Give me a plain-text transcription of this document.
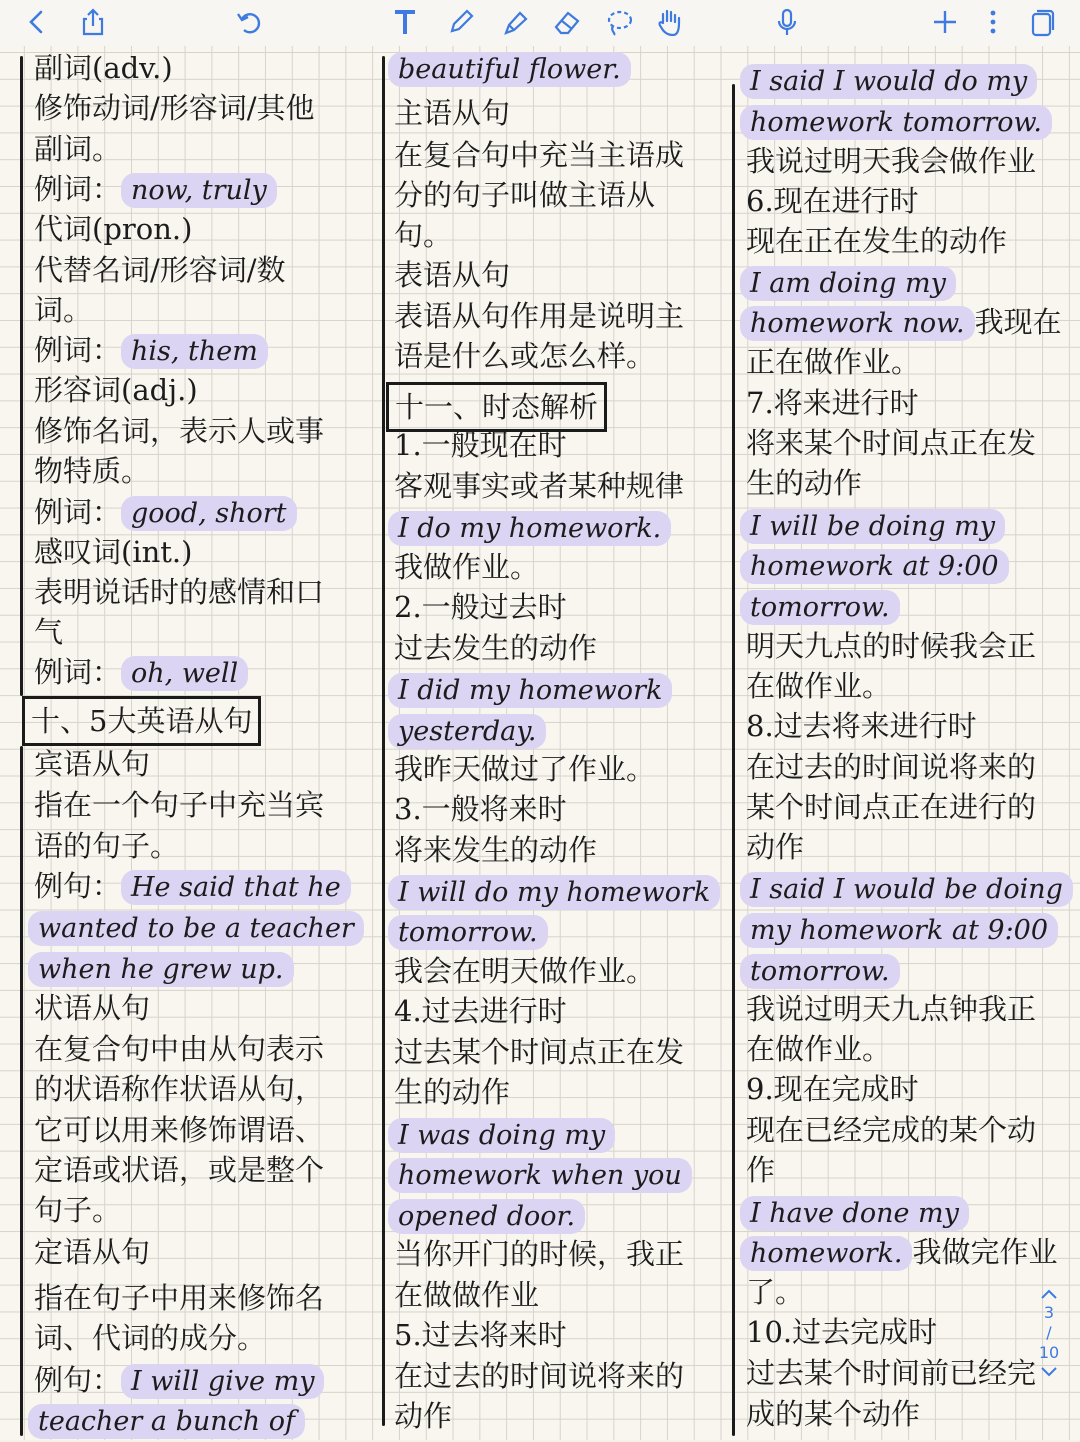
副词(adv.)
修饰动词/形容词/其他
副词。
例词： now, truly
代词(pron.)
代替名词/形容词/数
词。
例词： his, them
形容词(adj.)
修饰名词，表示人或事
物特质。
例词： good, short
感叹词(int.)
表明说话时的感情和口
气
例词： oh, well
十、5大英语从句
宾语从句
指在一个句子中充当宾
语的句子。
例句： He said that he
wanted to be a teacher
when he grew up.
状语从句
在复合句中由从句表示
的状语称作状语从句，
它可以用来修饰谓语、
定语或状语，或是整个
句子。
定语从句
指在句子中用来修饰名
词、代词的成分。
例句： I will give my
teacher a bunch of
beautiful flower.
主语从句
在复合句中充当主语成
分的句子叫做主语从
句。
表语从句
表语从句作用是说明主
语是什么或怎么样。
十一、时态解析
1.一般现在时
客观事实或者某种规律
I do my homework.
我做作业。
2.一般过去时
过去发生的动作
I did my homework
yesterday.
我昨天做过了作业。
3.一般将来时
将来发生的动作
I will do my homework
tomorrow.
我会在明天做作业。
4.过去进行时
过去某个时间点正在发
生的动作
I was doing my
homework when you
opened door.
当你开门的时候，我正
在做做作业
5.过去将来时
在过去的时间说将来的
动作
I said I would do my
homework tomorrow.
我说过明天我会做作业
6.现在进行时
现在正在发生的动作
I am doing my
homework now. 我现在
正在做作业。
7.将来进行时
将来某个时间点正在发
生的动作
I will be doing my
homework at 9:00
tomorrow.
明天九点的时候我会正
在做作业。
8.过去将来进行时
在过去的时间说将来的
某个时间点正在进行的
动作
I said I would be doing
my homework at 9:00
tomorrow.
我说过明天九点钟我正
在做作业。
9.现在完成时
现在已经完成的某个动
作
I have done my
homework. 我做完作业
了。
10.过去完成时
过去某个时间前已经完
成的某个动作
3
/
10
